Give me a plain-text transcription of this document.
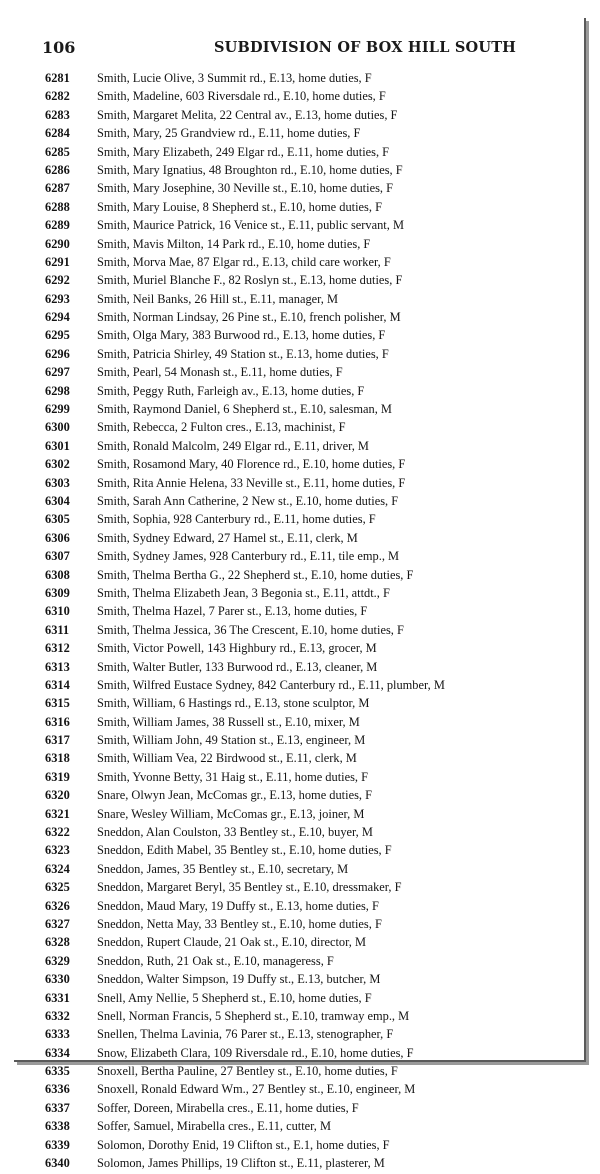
106	SUBDIVISION OF BOX HILL SOUTH
6281	Smith, Lucie Olive, 3 Summit rd., E.13, home duties, F
6282	Smith, Madeline, 603 Riversdale rd., E.10, home duties, F
6283	Smith, Margaret Melita, 22 Central av., E.13, home duties, F
6284	Smith, Mary, 25 Grandview rd., E.11, home duties, F
6285	Smith, Mary Elizabeth, 249 Elgar rd., E.11, home duties, F
6286	Smith, Mary Ignatius, 48 Broughton rd., E.10, home duties, F
6287	Smith, Mary Josephine, 30 Neville st., E.10, home duties, F
6288	Smith, Mary Louise, 8 Shepherd st., E.10, home duties, F
6289	Smith, Maurice Patrick, 16 Venice st., E.11, public servant, M
6290	Smith, Mavis Milton, 14 Park rd., E.10, home duties, F
6291	Smith, Morva Mae, 87 Elgar rd., E.13, child care worker, F
6292	Smith, Muriel Blanche F., 82 Roslyn st., E.13, home duties, F
6293	Smith, Neil Banks, 26 Hill st., E.11, manager, M
6294	Smith, Norman Lindsay, 26 Pine st., E.10, french polisher, M
6295	Smith, Olga Mary, 383 Burwood rd., E.13, home duties, F
6296	Smith, Patricia Shirley, 49 Station st., E.13, home duties, F
6297	Smith, Pearl, 54 Monash st., E.11, home duties, F
6298	Smith, Peggy Ruth, Farleigh av., E.13, home duties, F
6299	Smith, Raymond Daniel, 6 Shepherd st., E.10, salesman, M
6300	Smith, Rebecca, 2 Fulton cres., E.13, machinist, F
6301	Smith, Ronald Malcolm, 249 Elgar rd., E.11, driver, M
6302	Smith, Rosamond Mary, 40 Florence rd., E.10, home duties, F
6303	Smith, Rita Annie Helena, 33 Neville st., E.11, home duties, F
6304	Smith, Sarah Ann Catherine, 2 New st., E.10, home duties, F
6305	Smith, Sophia, 928 Canterbury rd., E.11, home duties, F
6306	Smith, Sydney Edward, 27 Hamel st., E.11, clerk, M
6307	Smith, Sydney James, 928 Canterbury rd., E.11, tile emp., M
6308	Smith, Thelma Bertha G., 22 Shepherd st., E.10, home duties, F
6309	Smith, Thelma Elizabeth Jean, 3 Begonia st., E.11, attdt., F
6310	Smith, Thelma Hazel, 7 Parer st., E.13, home duties, F
6311	Smith, Thelma Jessica, 36 The Crescent, E.10, home duties, F
6312	Smith, Victor Powell, 143 Highbury rd., E.13, grocer, M
6313	Smith, Walter Butler, 133 Burwood rd., E.13, cleaner, M
6314	Smith, Wilfred Eustace Sydney, 842 Canterbury rd., E.11, plumber, M
6315	Smith, William, 6 Hastings rd., E.13, stone sculptor, M
6316	Smith, William James, 38 Russell st., E.10, mixer, M
6317	Smith, William John, 49 Station st., E.13, engineer, M
6318	Smith, William Vea, 22 Birdwood st., E.11, clerk, M
6319	Smith, Yvonne Betty, 31 Haig st., E.11, home duties, F
6320	Snare, Olwyn Jean, McComas gr., E.13, home duties, F
6321	Snare, Wesley William, McComas gr., E.13, joiner, M
6322	Sneddon, Alan Coulston, 33 Bentley st., E.10, buyer, M
6323	Sneddon, Edith Mabel, 35 Bentley st., E.10, home duties, F
6324	Sneddon, James, 35 Bentley st., E.10, secretary, M
6325	Sneddon, Margaret Beryl, 35 Bentley st., E.10, dressmaker, F
6326	Sneddon, Maud Mary, 19 Duffy st., E.13, home duties, F
6327	Sneddon, Netta May, 33 Bentley st., E.10, home duties, F
6328	Sneddon, Rupert Claude, 21 Oak st., E.10, director, M
6329	Sneddon, Ruth, 21 Oak st., E.10, manageress, F
6330	Sneddon, Walter Simpson, 19 Duffy st., E.13, butcher, M
6331	Snell, Amy Nellie, 5 Shepherd st., E.10, home duties, F
6332	Snell, Norman Francis, 5 Shepherd st., E.10, tramway emp., M
6333	Snellen, Thelma Lavinia, 76 Parer st., E.13, stenographer, F
6334	Snow, Elizabeth Clara, 109 Riversdale rd., E.10, home duties, F
6335	Snoxell, Bertha Pauline, 27 Bentley st., E.10, home duties, F
6336	Snoxell, Ronald Edward Wm., 27 Bentley st., E.10, engineer, M
6337	Soffer, Doreen, Mirabella cres., E.11, home duties, F
6338	Soffer, Samuel, Mirabella cres., E.11, cutter, M
6339	Solomon, Dorothy Enid, 19 Clifton st., E.1, home duties, F
6340	Solomon, James Phillips, 19 Clifton st., E.11, plasterer, M
